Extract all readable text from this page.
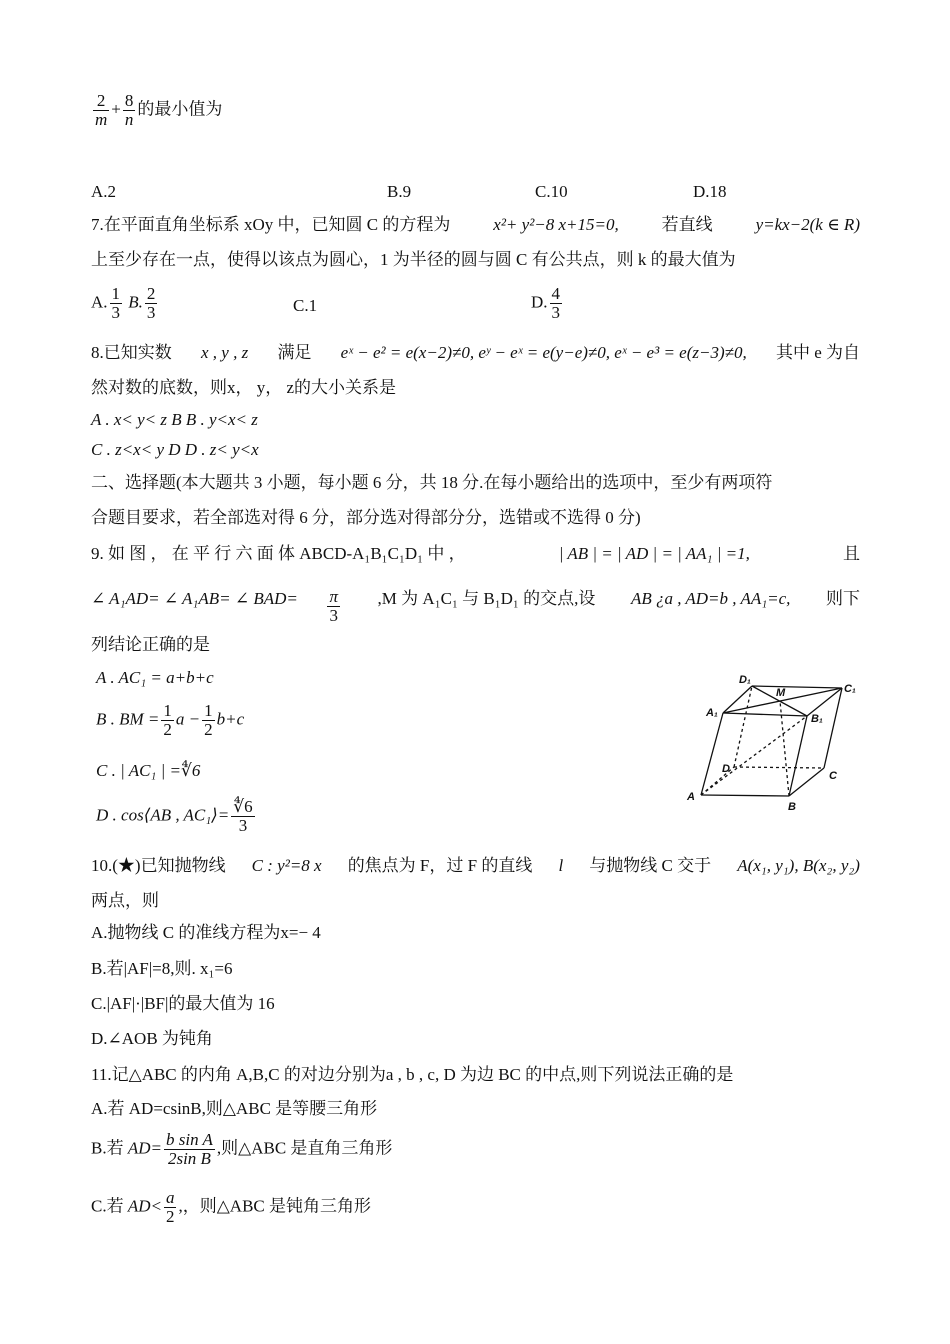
$\frac{2}{m} + \frac{8}{n}$ 的最小值为
A.2	B.9	C.10	D.18
7.在平面直角坐标系 xOy 中，已知圆 C 的方程为	x²+ y²−8 x+15=0,	若直线	y=kx−2(k ∈ R)
上至少存在一点，使得以该点为圆心，1 为半径的圆与圆 C 有公共点，则 k 的最大值为
A. $\frac{1}{3} B$. $\frac{2}{3}$	C.1	D. $\frac{4}{3}$
8.已知实数 x , y , z 满足 eˣ − e² = e(x−2)≠0, eʸ − eˣ = e(y−e)≠0, eˣ − e³ = e(z−3)≠0, 其中 e 为自
然对数的底数，则x， y， z的大小关系是
A . x< y< z B B . y<x< z
C . z<x< y D D . z< y<x
二、选择题(本大题共 3 小题，每小题 6 分，共 18 分.在每小题给出的选项中，至少有两项符
合题目要求，若全部选对得 6 分，部分选对得部分分，选错或不选得 0 分)
9. 如 图 ， 在 平 行 六 面 体 ABCD-A₁B₁C₁D₁ 中 ，	| AB | = | AD | = | AA₁ | =1,	且
∠ A₁AD= ∠ A₁AB= ∠ $BAD= \frac{\pi}{3} ,M$ 为 A₁C₁ 与 B₁D₁ 的交点,设 AB ¿a , AD=b , AA₁=c, 则下
列结论正确的是
A . AC₁ = a+b+c
B . BM = $\frac{1}{2}$ $a - \frac{1}{2} b+c$
C . | AC₁ | =∜6
D . cos⟨AB , AC₁⟩= $\frac{∜6}{3}$
A
B
C
D
A₁	B₁
C₁
D₁
M
10.(★)已知抛物线 C : y²=8 x 的焦点为 F，过 F 的直线 l 与抛物线 C 交于 A(x₁, y₁), B(x₂, y₂)
两点，则
A.抛物线 C 的准线方程为x=− 4
B.若|AF|=8,则. x₁=6
C.|AF|·|BF|的最大值为 16
D.∠AOB 为钝角
11.记△ABC 的内角 A,B,C 的对边分别为a , b , c, D 为边 BC 的中点,则下列说法正确的是
A.若 AD=csinB,则△ABC 是等腰三角形
B.若 $AD= \frac{\text{b sin A}}{\text{2sin B}}$ ,则△ABC 是直角三角形
C.若 $AD< \frac{a}{2}$ ,，则△ABC 是钝角三角形
